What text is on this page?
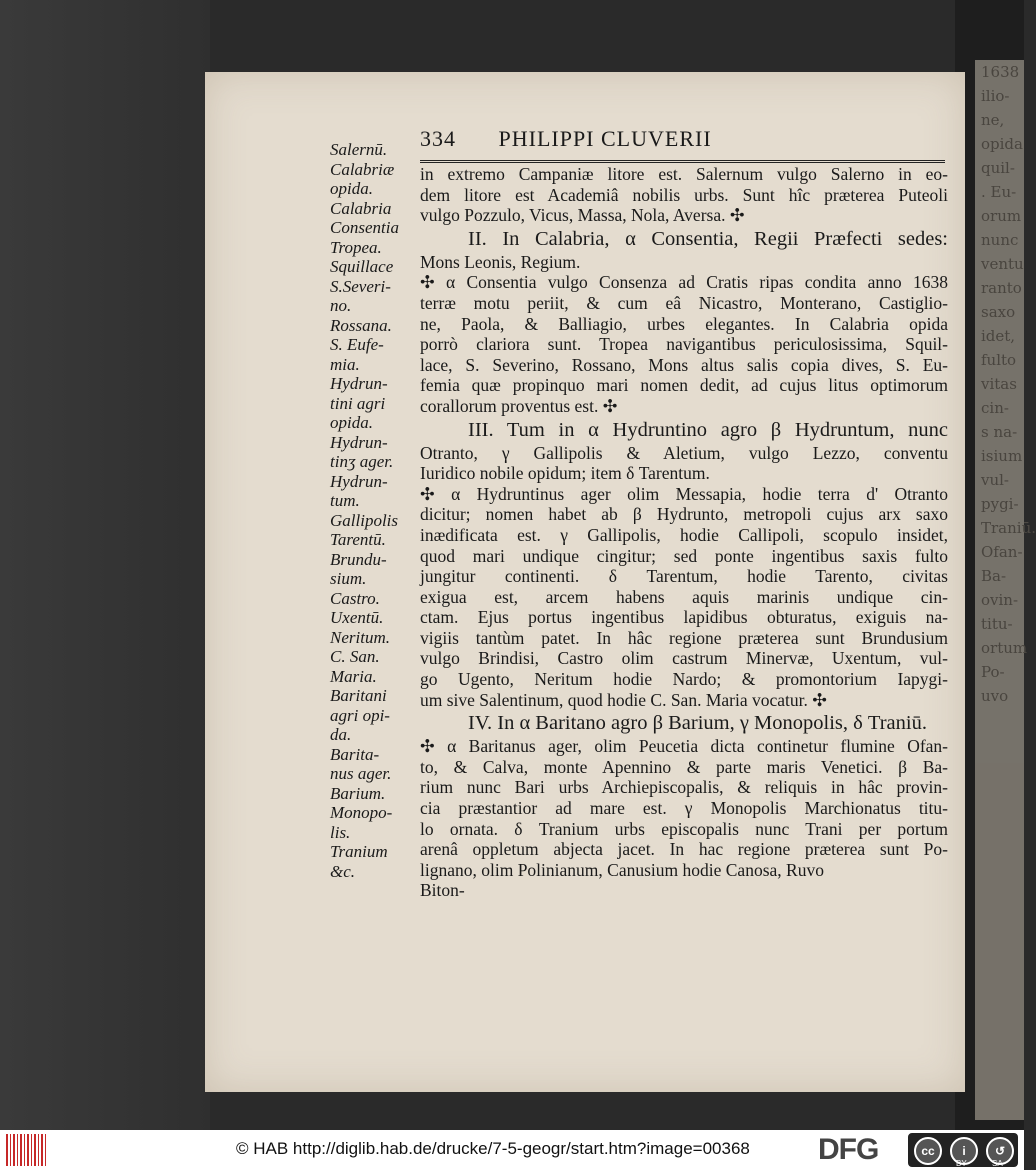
1638
ilio-
ne,
opida
quil-
. Eu-
orum
nunc
ventu
ranto
saxo
idet,
fulto
vitas
cin-
s na-
isium
vul-
pygi-
Traniū.
Ofan-
Ba-
ovin-
titu-
ortum
Po-
uvo
334 PHILIPPI CLUVERII
Salernū.
Calabriæ
opida.
Calabria
Consentia
Tropea.
Squillace
S.Severi-
no.
Rossana.
S. Eufe-
mia.
Hydrun-
tini agri
opida.
Hydrun-
tinʒ ager.
Hydrun-
tum.
Gallipolis
Tarentū.
Brundu-
sium.
Castro.
Uxentū.
Neritum.
C. San.
Maria.
Baritani
agri opi-
da.
Barita-
nus ager.
Barium.
Monopo-
lis.
Tranium
&c.
in extremo Campaniæ litore est. Salernum vulgo Salerno in eo-
dem litore est Academiâ nobilis urbs. Sunt hîc præterea Puteoli
vulgo Pozzulo, Vicus, Massa, Nola, Aversa. ✣
II. In Calabria, α Consentia, Regii Præfecti sedes:
Mons Leonis, Regium.
✣ α Consentia vulgo Consenza ad Cratis ripas condita anno 1638
terræ motu periit, & cum eâ Nicastro, Monterano, Castiglio-
ne, Paola, & Balliagio, urbes elegantes. In Calabria opida
porrò clariora sunt. Tropea navigantibus periculosissima, Squil-
lace, S. Severino, Rossano, Mons altus salis copia dives, S. Eu-
femia quæ propinquo mari nomen dedit, ad cujus litus optimorum
corallorum proventus est. ✣
III. Tum in α Hydruntino agro β Hydruntum, nunc
Otranto, γ Gallipolis & Aletium, vulgo Lezzo, conventu
Iuridico nobile opidum; item δ Tarentum.
✣ α Hydruntinus ager olim Messapia, hodie terra d' Otranto
dicitur; nomen habet ab β Hydrunto, metropoli cujus arx saxo
inædificata est. γ Gallipolis, hodie Callipoli, scopulo insidet,
quod mari undique cingitur; sed ponte ingentibus saxis fulto
jungitur continenti. δ Tarentum, hodie Tarento, civitas
exigua est, arcem habens aquis marinis undique cin-
ctam. Ejus portus ingentibus lapidibus obturatus, exiguis na-
vigiis tantùm patet. In hâc regione præterea sunt Brundusium
vulgo Brindisi, Castro olim castrum Minervæ, Uxentum, vul-
go Ugento, Neritum hodie Nardo; & promontorium Iapygi-
um sive Salentinum, quod hodie C. San. Maria vocatur. ✣
IV. In α Baritano agro β Barium, γ Monopolis, δ Traniū.
✣ α Baritanus ager, olim Peucetia dicta continetur flumine Ofan-
to, & Calva, monte Apennino & parte maris Venetici. β Ba-
rium nunc Bari urbs Archiepiscopalis, & reliquis in hâc provin-
cia præstantior ad mare est. γ Monopolis Marchionatus titu-
lo ornata. δ Tranium urbs episcopalis nunc Trani per portum
arenâ oppletum abjecta jacet. In hac regione præterea sunt Po-
lignano, olim Polinianum, Canusium hodie Canosa, Ruvo
Biton-
© HAB http://diglib.hab.de/drucke/7-5-geogr/start.htm?image=00368 DFG	cc	i	↺
BY	SA
